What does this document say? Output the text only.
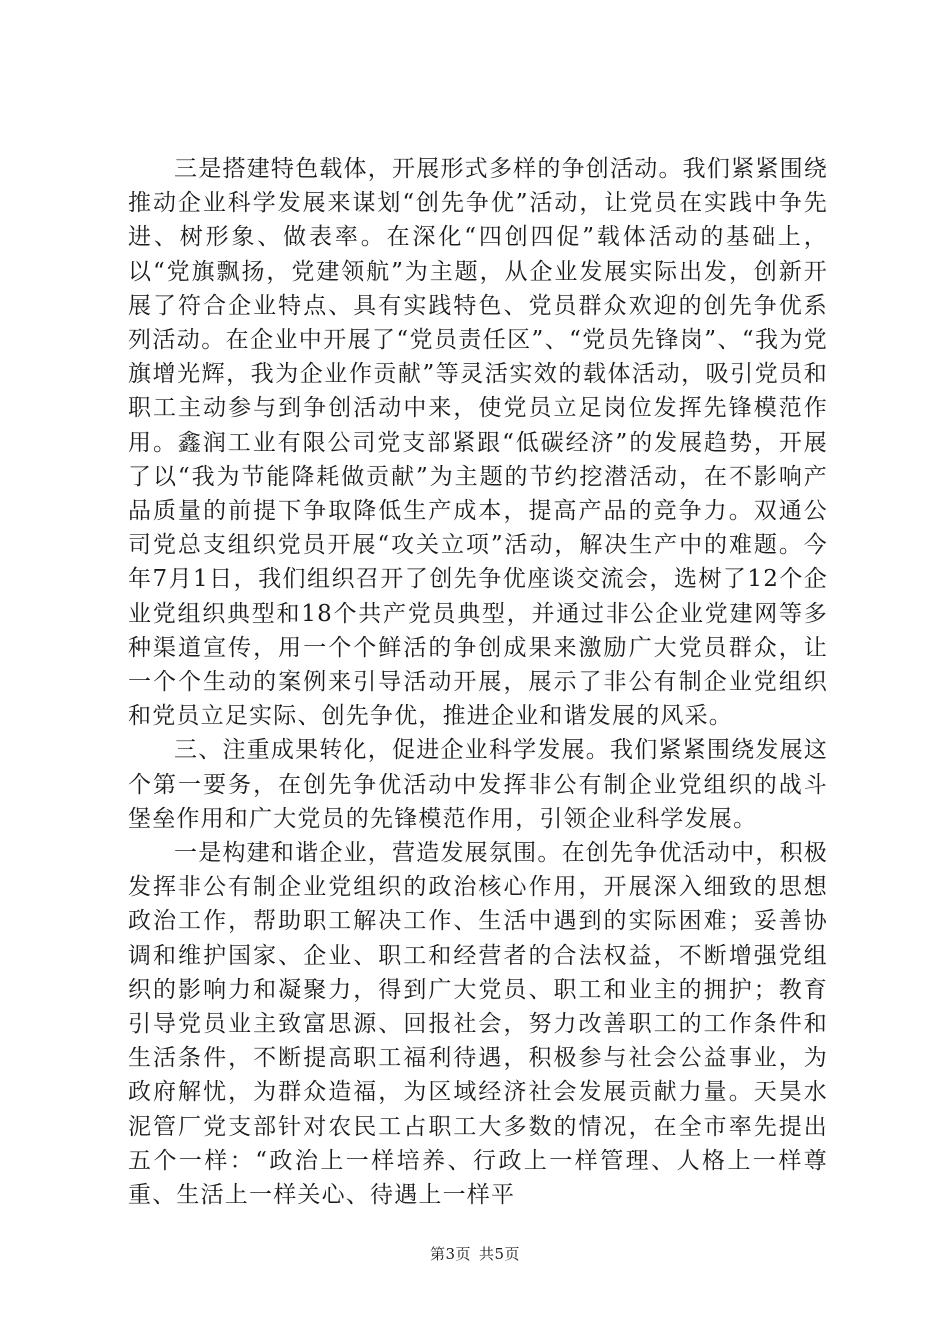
三是搭建特色载体，开展形式多样的争创活动。我们紧紧围绕推动企业科学发展来谋划“创先争优”活动，让党员在实践中争先进、树形象、做表率。在深化“四创四促”载体活动的基础上，以“党旗飘扬，党建领航”为主题，从企业发展实际出发，创新开展了符合企业特点、具有实践特色、党员群众欢迎的创先争优系列活动。在企业中开展了“党员责任区”、“党员先锋岗”、“我为党旗增光辉，我为企业作贡献”等灵活实效的载体活动，吸引党员和职工主动参与到争创活动中来，使党员立足岗位发挥先锋模范作用。鑫润工业有限公司党支部紧跟“低碳经济”的发展趋势，开展了以“我为节能降耗做贡献”为主题的节约挖潜活动，在不影响产品质量的前提下争取降低生产成本，提高产品的竞争力。双通公司党总支组织党员开展“攻关立项”活动，解决生产中的难题。今年7月1日，我们组织召开了创先争优座谈交流会，选树了12个企业党组织典型和18个共产党员典型，并通过非公企业党建网等多种渠道宣传，用一个个鲜活的争创成果来激励广大党员群众，让一个个生动的案例来引导活动开展，展示了非公有制企业党组织和党员立足实际、创先争优，推进企业和谐发展的风采。

三、注重成果转化，促进企业科学发展。我们紧紧围绕发展这个第一要务，在创先争优活动中发挥非公有制企业党组织的战斗堡垒作用和广大党员的先锋模范作用，引领企业科学发展。

一是构建和谐企业，营造发展氛围。在创先争优活动中，积极发挥非公有制企业党组织的政治核心作用，开展深入细致的思想政治工作，帮助职工解决工作、生活中遇到的实际困难；妥善协调和维护国家、企业、职工和经营者的合法权益，不断增强党组织的影响力和凝聚力，得到广大党员、职工和业主的拥护；教育引导党员业主致富思源、回报社会，努力改善职工的工作条件和生活条件，不断提高职工福利待遇，积极参与社会公益事业，为政府解忧，为群众造福，为区域经济社会发展贡献力量。天昊水泥管厂党支部针对农民工占职工大多数的情况，在全市率先提出五个一样：“政治上一样培养、行政上一样管理、人格上一样尊重、生活上一样关心、待遇上一样平

第3页 共5页
